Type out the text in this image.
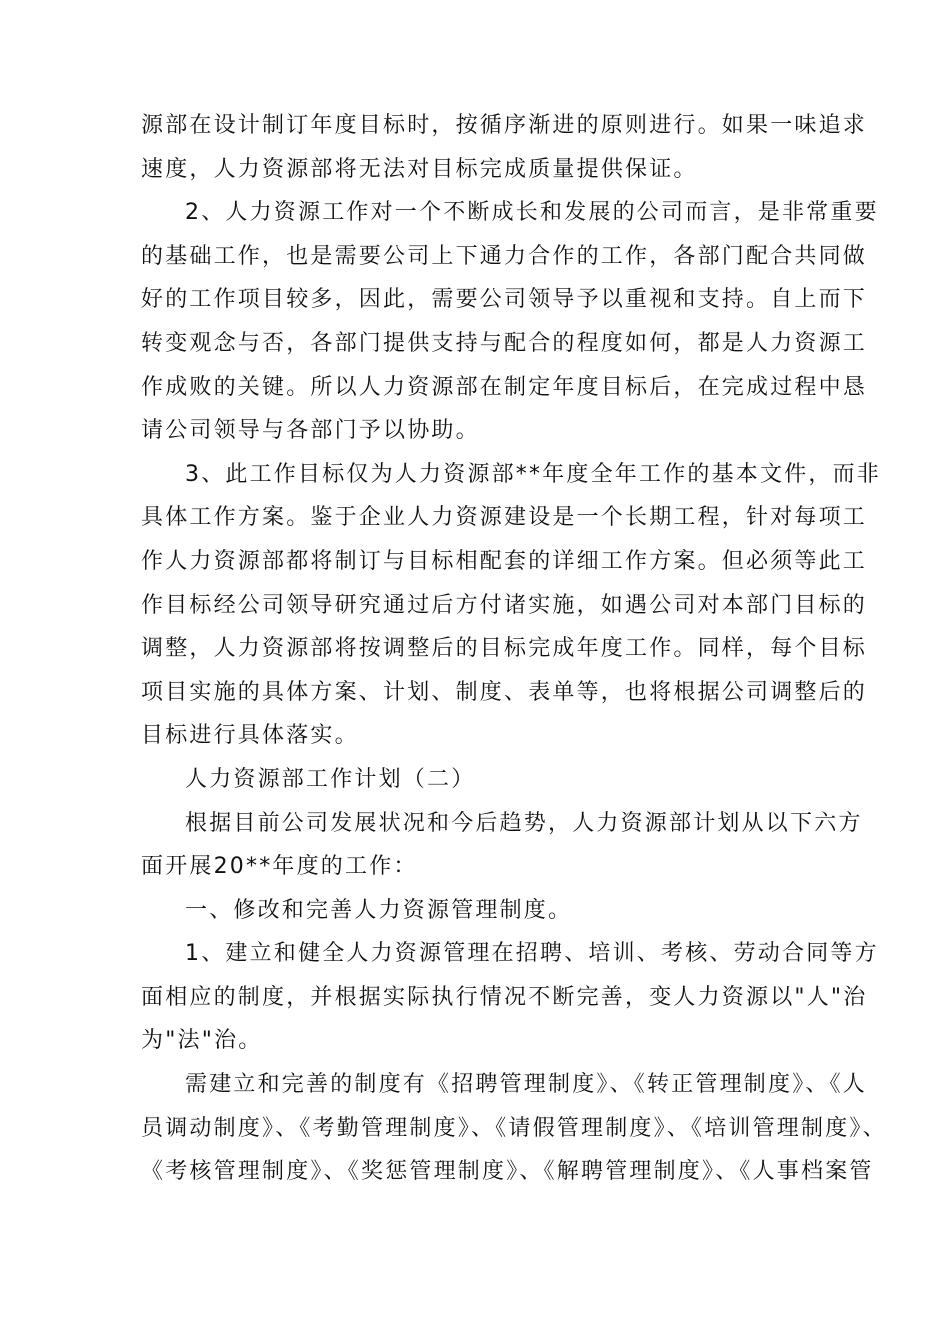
源部在设计制订年度目标时，按循序渐进的原则进行。如果一味追求
速度，人力资源部将无法对目标完成质量提供保证。
2、人力资源工作对一个不断成长和发展的公司而言，是非常重要
的基础工作，也是需要公司上下通力合作的工作，各部门配合共同做
好的工作项目较多，因此，需要公司领导予以重视和支持。自上而下
转变观念与否，各部门提供支持与配合的程度如何，都是人力资源工
作成败的关键。所以人力资源部在制定年度目标后，在完成过程中恳
请公司领导与各部门予以协助。
3、此工作目标仅为人力资源部**年度全年工作的基本文件，而非
具体工作方案。鉴于企业人力资源建设是一个长期工程，针对每项工
作人力资源部都将制订与目标相配套的详细工作方案。但必须等此工
作目标经公司领导研究通过后方付诸实施，如遇公司对本部门目标的
调整，人力资源部将按调整后的目标完成年度工作。同样，每个目标
项目实施的具体方案、计划、制度、表单等，也将根据公司调整后的
目标进行具体落实。
人力资源部工作计划（二）
根据目前公司发展状况和今后趋势，人力资源部计划从以下六方
面开展20**年度的工作：
一、修改和完善人力资源管理制度。
1、建立和健全人力资源管理在招聘、培训、考核、劳动合同等方
面相应的制度，并根据实际执行情况不断完善，变人力资源以"人"治
为"法"治。
需建立和完善的制度有《招聘管理制度》、《转正管理制度》、《人
员调动制度》、《考勤管理制度》、《请假管理制度》、《培训管理制度》、
《考核管理制度》、《奖惩管理制度》、《解聘管理制度》、《人事档案管
